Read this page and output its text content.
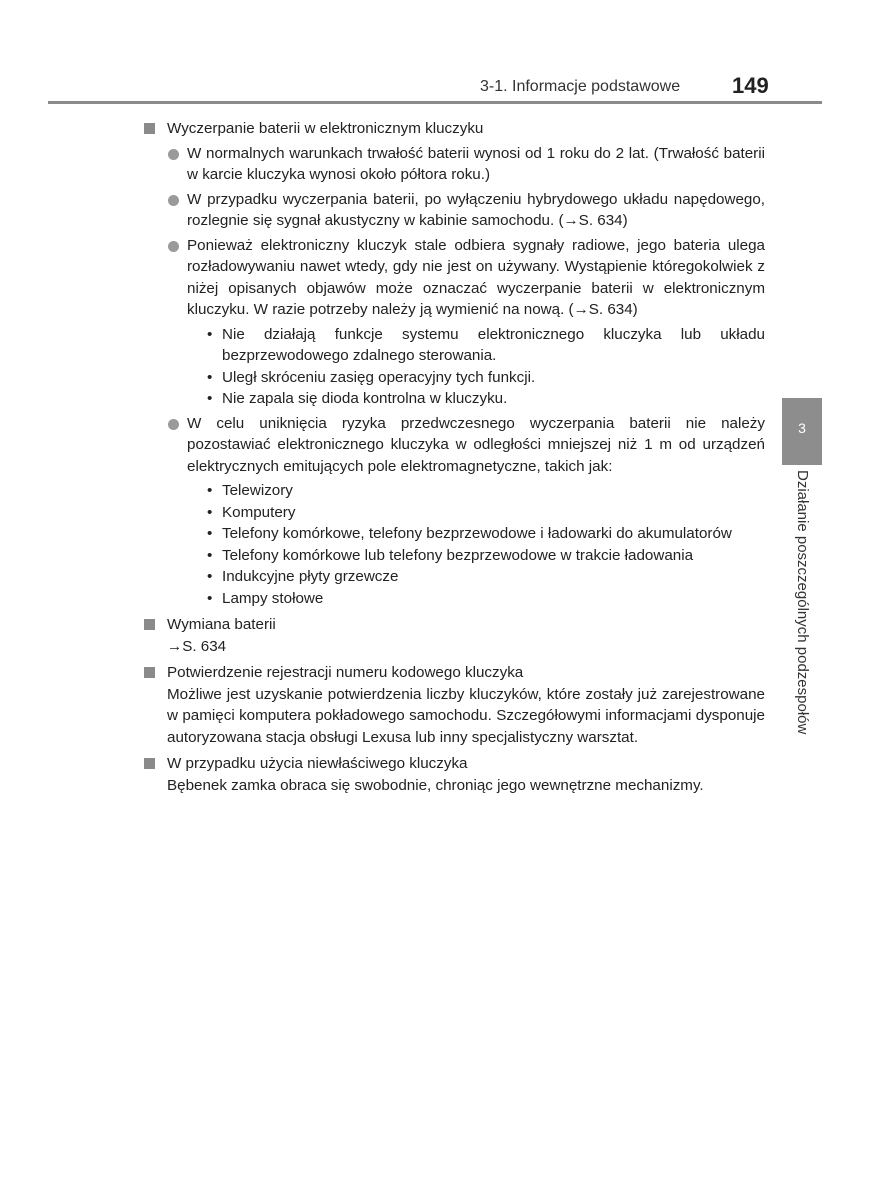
3-1. Informacje podstawowe 149
3
Działanie poszczególnych podzespołów
Wyczerpanie baterii w elektronicznym kluczyku
W normalnych warunkach trwałość baterii wynosi od 1 roku do 2 lat. (Trwałość baterii w karcie kluczyka wynosi około półtora roku.)
W przypadku wyczerpania baterii, po wyłączeniu hybrydowego układu napędowego, rozlegnie się sygnał akustyczny w kabinie samochodu. (→S. 634)
Ponieważ elektroniczny kluczyk stale odbiera sygnały radiowe, jego bateria ulega rozładowywaniu nawet wtedy, gdy nie jest on używany. Wystąpienie któregokolwiek z niżej opisanych objawów może oznaczać wyczerpanie baterii w elektronicznym kluczyku. W razie potrzeby należy ją wymienić na nową. (→S. 634)
• Nie działają funkcje systemu elektronicznego kluczyka lub układu bezprzewodowego zdalnego sterowania.
• Uległ skróceniu zasięg operacyjny tych funkcji.
• Nie zapala się dioda kontrolna w kluczyku.
W celu uniknięcia ryzyka przedwczesnego wyczerpania baterii nie należy pozostawiać elektronicznego kluczyka w odległości mniejszej niż 1 m od urządzeń elektrycznych emitujących pole elektromagnetyczne, takich jak:
• Telewizory
• Komputery
• Telefony komórkowe, telefony bezprzewodowe i ładowarki do akumulatorów
• Telefony komórkowe lub telefony bezprzewodowe w trakcie ładowania
• Indukcyjne płyty grzewcze
• Lampy stołowe
Wymiana baterii
→S. 634
Potwierdzenie rejestracji numeru kodowego kluczyka
Możliwe jest uzyskanie potwierdzenia liczby kluczyków, które zostały już zarejestrowane w pamięci komputera pokładowego samochodu. Szczegółowymi informacjami dysponuje autoryzowana stacja obsługi Lexusa lub inny specjalistyczny warsztat.
W przypadku użycia niewłaściwego kluczyka
Bębenek zamka obraca się swobodnie, chroniąc jego wewnętrzne mechanizmy.
